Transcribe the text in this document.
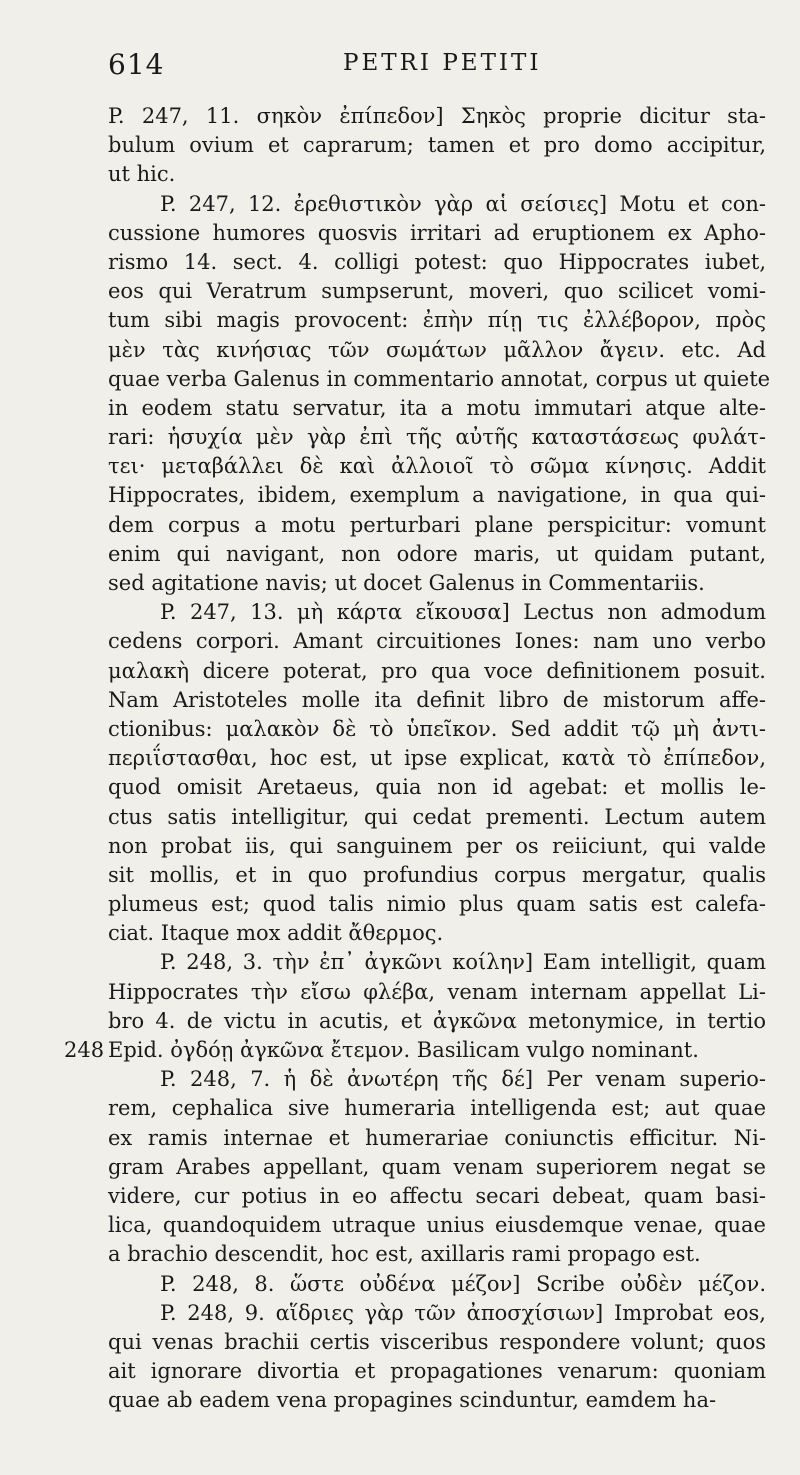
614	PETRI PETITI
248
P. 247, 11. σηκὸν ἐπίπεδον] Σηκὸς proprie dicitur sta-
bulum ovium et caprarum; tamen et pro domo accipitur,
ut hic.
P. 247, 12. ἐρεθιστικὸν γὰρ αἱ σείσιες] Motu et con-
cussione humores quosvis irritari ad eruptionem ex Apho-
rismo 14. sect. 4. colligi potest: quo Hippocrates iubet,
eos qui Veratrum sumpserunt, moveri, quo scilicet vomi-
tum sibi magis provocent: ἐπὴν πίῃ τις ἐλλέβορον, πρὸς
μὲν τὰς κινήσιας τῶν σωμάτων μᾶλλον ἄγειν. etc. Ad
quae verba Galenus in commentario annotat, corpus ut quiete
in eodem statu servatur, ita a motu immutari atque alte-
rari: ἡσυχία μὲν γὰρ ἐπὶ τῆς αὐτῆς καταστάσεως φυλάτ-
τει· μεταβάλλει δὲ καὶ ἀλλοιοῖ τὸ σῶμα κίνησις. Addit
Hippocrates, ibidem, exemplum a navigatione, in qua qui-
dem corpus a motu perturbari plane perspicitur: vomunt
enim qui navigant, non odore maris, ut quidam putant,
sed agitatione navis; ut docet Galenus in Commentariis.
P. 247, 13. μὴ κάρτα εἴκουσα] Lectus non admodum
cedens corpori. Amant circuitiones Iones: nam uno verbo
μαλακὴ dicere poterat, pro qua voce definitionem posuit.
Nam Aristoteles molle ita definit libro de mistorum affe-
ctionibus: μαλακὸν δὲ τὸ ὑπεῖκον. Sed addit τῷ μὴ ἀντι-
περιΐστασθαι, hoc est, ut ipse explicat, κατὰ τὸ ἐπίπεδον,
quod omisit Aretaeus, quia non id agebat: et mollis le-
ctus satis intelligitur, qui cedat prementi. Lectum autem
non probat iis, qui sanguinem per os reiiciunt, qui valde
sit mollis, et in quo profundius corpus mergatur, qualis
plumeus est; quod talis nimio plus quam satis est calefa-
ciat. Itaque mox addit ἄθερμος.
P. 248, 3. τὴν ἐπ᾽ ἀγκῶνι κοίλην] Eam intelligit, quam
Hippocrates τὴν εἴσω φλέβα, venam internam appellat Li-
bro 4. de victu in acutis, et ἀγκῶνα metonymice, in tertio
Epid. ὀγδόῃ ἀγκῶνα ἔτεμον. Basilicam vulgo nominant.
P. 248, 7. ἡ δὲ ἀνωτέρη τῆς δέ] Per venam superio-
rem, cephalica sive humeraria intelligenda est; aut quae
ex ramis internae et humerariae coniunctis efficitur. Ni-
gram Arabes appellant, quam venam superiorem negat se
videre, cur potius in eo affectu secari debeat, quam basi-
lica, quandoquidem utraque unius eiusdemque venae, quae
a brachio descendit, hoc est, axillaris rami propago est.
P. 248, 8. ὥστε οὐδένα μέζον] Scribe οὐδὲν μέζον.
P. 248, 9. αἵδριες γὰρ τῶν ἀποσχίσιων] Improbat eos,
qui venas brachii certis visceribus respondere volunt; quos
ait ignorare divortia et propagationes venarum: quoniam
quae ab eadem vena propagines scinduntur, eamdem ha-
